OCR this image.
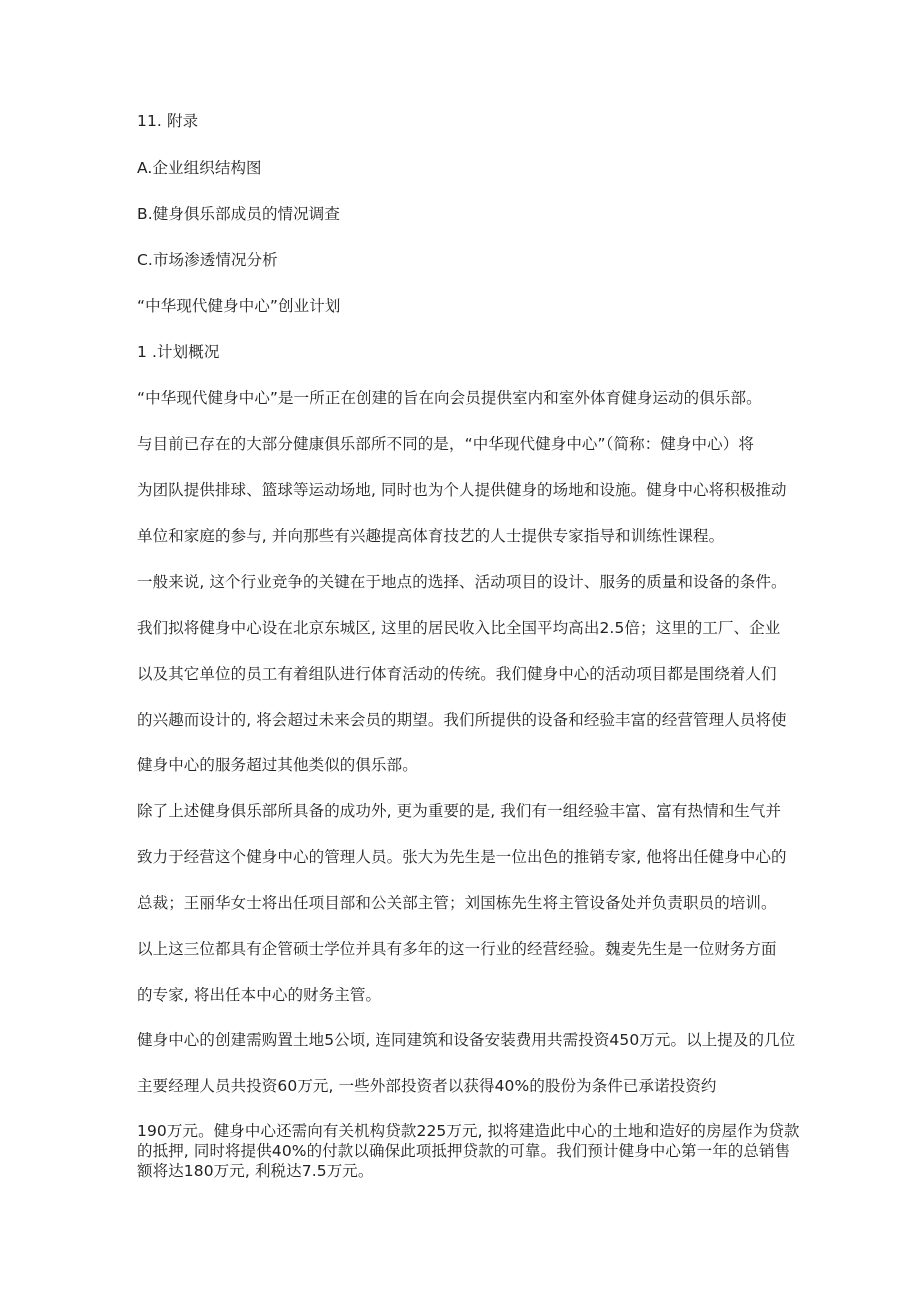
11. 附录
A.企业组织结构图
B.健身俱乐部成员的情况调查
C.市场渗透情况分析
“中华现代健身中心”创业计划
1 .计划概况
“中华现代健身中心”是一所正在创建的旨在向会员提供室内和室外体育健身运动的俱乐部。
与目前已存在的大部分健康俱乐部所不同的是，“中华现代健身中心”（简称：健身中心）将
为团队提供排球、篮球等运动场地, 同时也为个人提供健身的场地和设施。健身中心将积极推动
单位和家庭的参与, 并向那些有兴趣提高体育技艺的人士提供专家指导和训练性课程。
一般来说, 这个行业竞争的关键在于地点的选择、活动项目的设计、服务的质量和设备的条件。
我们拟将健身中心设在北京东城区, 这里的居民收入比全国平均高出2.5倍；这里的工厂、企业
以及其它单位的员工有着组队进行体育活动的传统。我们健身中心的活动项目都是围绕着人们
的兴趣而设计的, 将会超过未来会员的期望。我们所提供的设备和经验丰富的经营管理人员将使
健身中心的服务超过其他类似的俱乐部。
除了上述健身俱乐部所具备的成功外, 更为重要的是, 我们有一组经验丰富、富有热情和生气并
致力于经营这个健身中心的管理人员。张大为先生是一位出色的推销专家, 他将出任健身中心的
总裁；王丽华女士将出任项目部和公关部主管；刘国栋先生将主管设备处并负责职员的培训。
以上这三位都具有企管硕士学位并具有多年的这一行业的经营经验。魏麦先生是一位财务方面
的专家, 将出任本中心的财务主管。
健身中心的创建需购置土地5公顷, 连同建筑和设备安装费用共需投资450万元。以上提及的几位
主要经理人员共投资60万元, 一些外部投资者以获得40%的股份为条件已承诺投资约
190万元。健身中心还需向有关机构贷款225万元, 拟将建造此中心的土地和造好的房屋作为贷款
的抵押, 同时将提供40%的付款以确保此项抵押贷款的可靠。我们预计健身中心第一年的总销售
额将达180万元, 利税达7.5万元。
